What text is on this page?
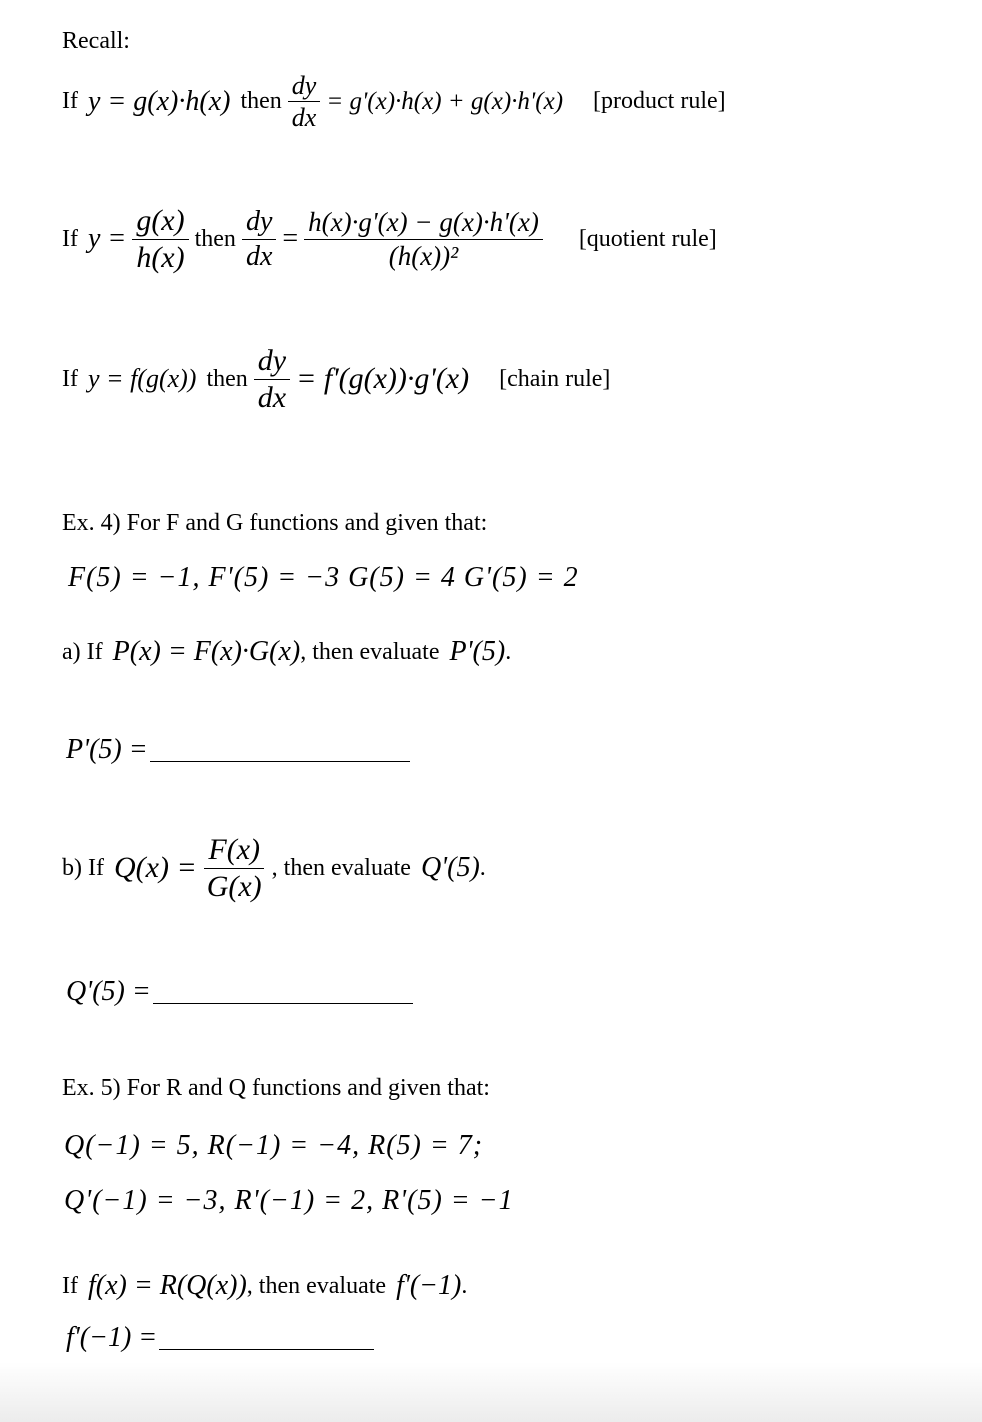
Recall:
If y = g(x)·h(x) then $\frac{dy}{dx} = g'(x)\cdot h(x) + g(x)\cdot h'(x)$ [product rule]
If $y = \frac{g(x)}{h(x)}$ then $\frac{dy}{dx} = \frac{h(x)\cdot g'(x) - g(x)\cdot h'(x)}{\text{(h(x))²}}$ [quotient rule]
If y = f(g(x)) then $\frac{dy}{dx} = f'(g(x))\cdot g'(x)$ [chain rule]
Ex. 4) For F and G functions and given that:
F(5) = −1, F'(5) = −3 G(5) = 4 G'(5) = 2
a) If P(x) = F(x)·G(x) , then evaluate P'(5) .
P'(5) =
b) If $Q(x) = \frac{F(x)}{G(x)}$ , then evaluate Q'(5) .
Q'(5) =
Ex. 5) For R and Q functions and given that:
Q(−1) = 5, R(−1) = −4, R(5) = 7;
Q'(−1) = −3, R'(−1) = 2, R'(5) = −1
If f(x) = R(Q(x)) , then evaluate f'(−1) .
f'(−1) =
